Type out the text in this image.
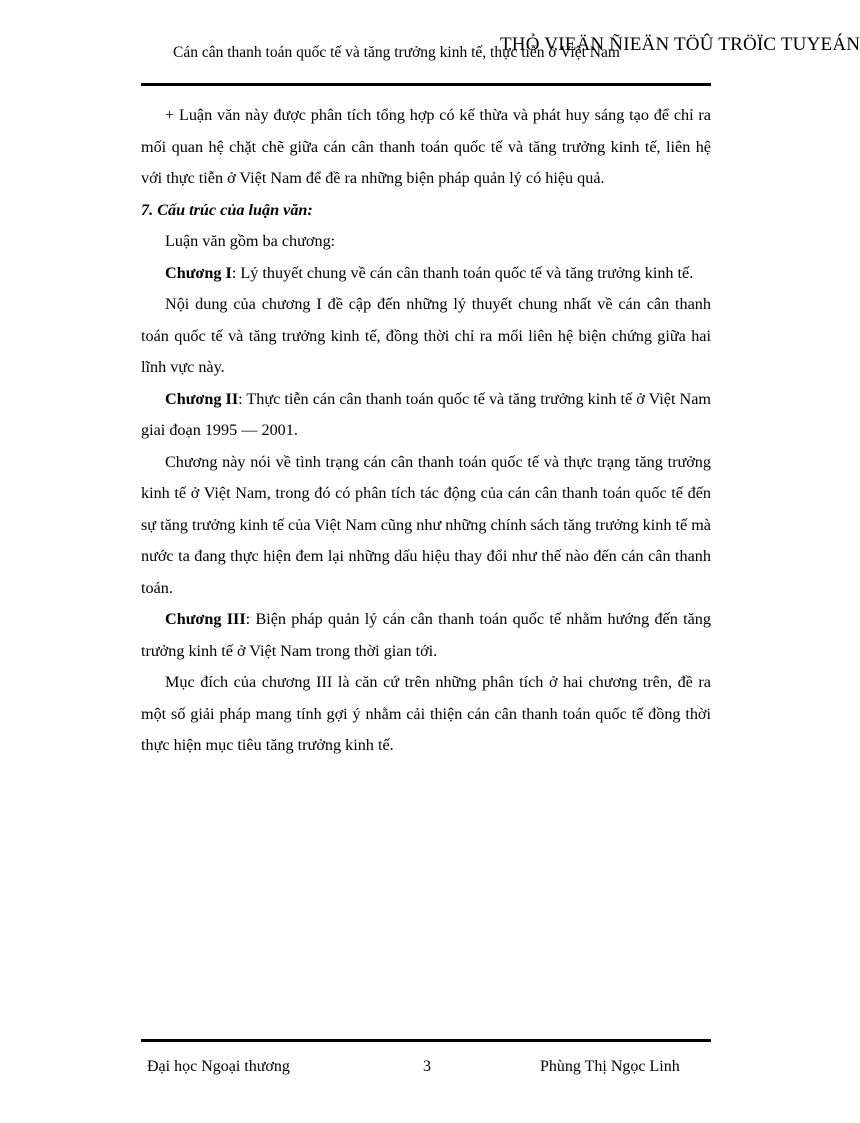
Cán cân thanh toán quốc tế và tăng trưởng kinh tế, thực tiễn ở Việt Nam
THỎ VIEÄN ÑIEÄN TÖÛ TRÖÏC TUYEÁN

+ Luận văn này được phân tích tổng hợp có kế thừa và phát huy sáng tạo để chỉ ra mối quan hệ chặt chẽ giữa cán cân thanh toán quốc tế và tăng trưởng kinh tế, liên hệ với thực tiễn ở Việt Nam để đề ra những biện pháp quản lý có hiệu quả.

7. Cấu trúc của luận văn:

Luận văn gồm ba chương:

Chương I: Lý thuyết chung về cán cân thanh toán quốc tế và tăng trưởng kinh tế.

Nội dung của chương I đề cập đến những lý thuyết chung nhất về cán cân thanh toán quốc tế và tăng trưởng kinh tế, đồng thời chỉ ra mối liên hệ biện chứng giữa hai lĩnh vực này.

Chương II: Thực tiễn cán cân thanh toán quốc tế và tăng trưởng kinh tế ở Việt Nam giai đoạn 1995 — 2001.

Chương này nói về tình trạng cán cân thanh toán quốc tế và thực trạng tăng trưởng kinh tế ở Việt Nam, trong đó có phân tích tác động của cán cân thanh toán quốc tế đến sự tăng trưởng kinh tế của Việt Nam cũng như những chính sách tăng trưởng kinh tế mà nước ta đang thực hiện đem lại những dấu hiệu thay đổi như thế nào đến cán cân thanh toán.

Chương III: Biện pháp quản lý cán cân thanh toán quốc tế nhằm hướng đến tăng trưởng kinh tế ở Việt Nam trong thời gian tới.

Mục đích của chương III là căn cứ trên những phân tích ở hai chương trên, đề ra một số giải pháp mang tính gợi ý nhằm cải thiện cán cân thanh toán quốc tế đồng thời thực hiện mục tiêu tăng trưởng kinh tế.

Đại học Ngoại thương	3	Phùng Thị Ngọc Linh
